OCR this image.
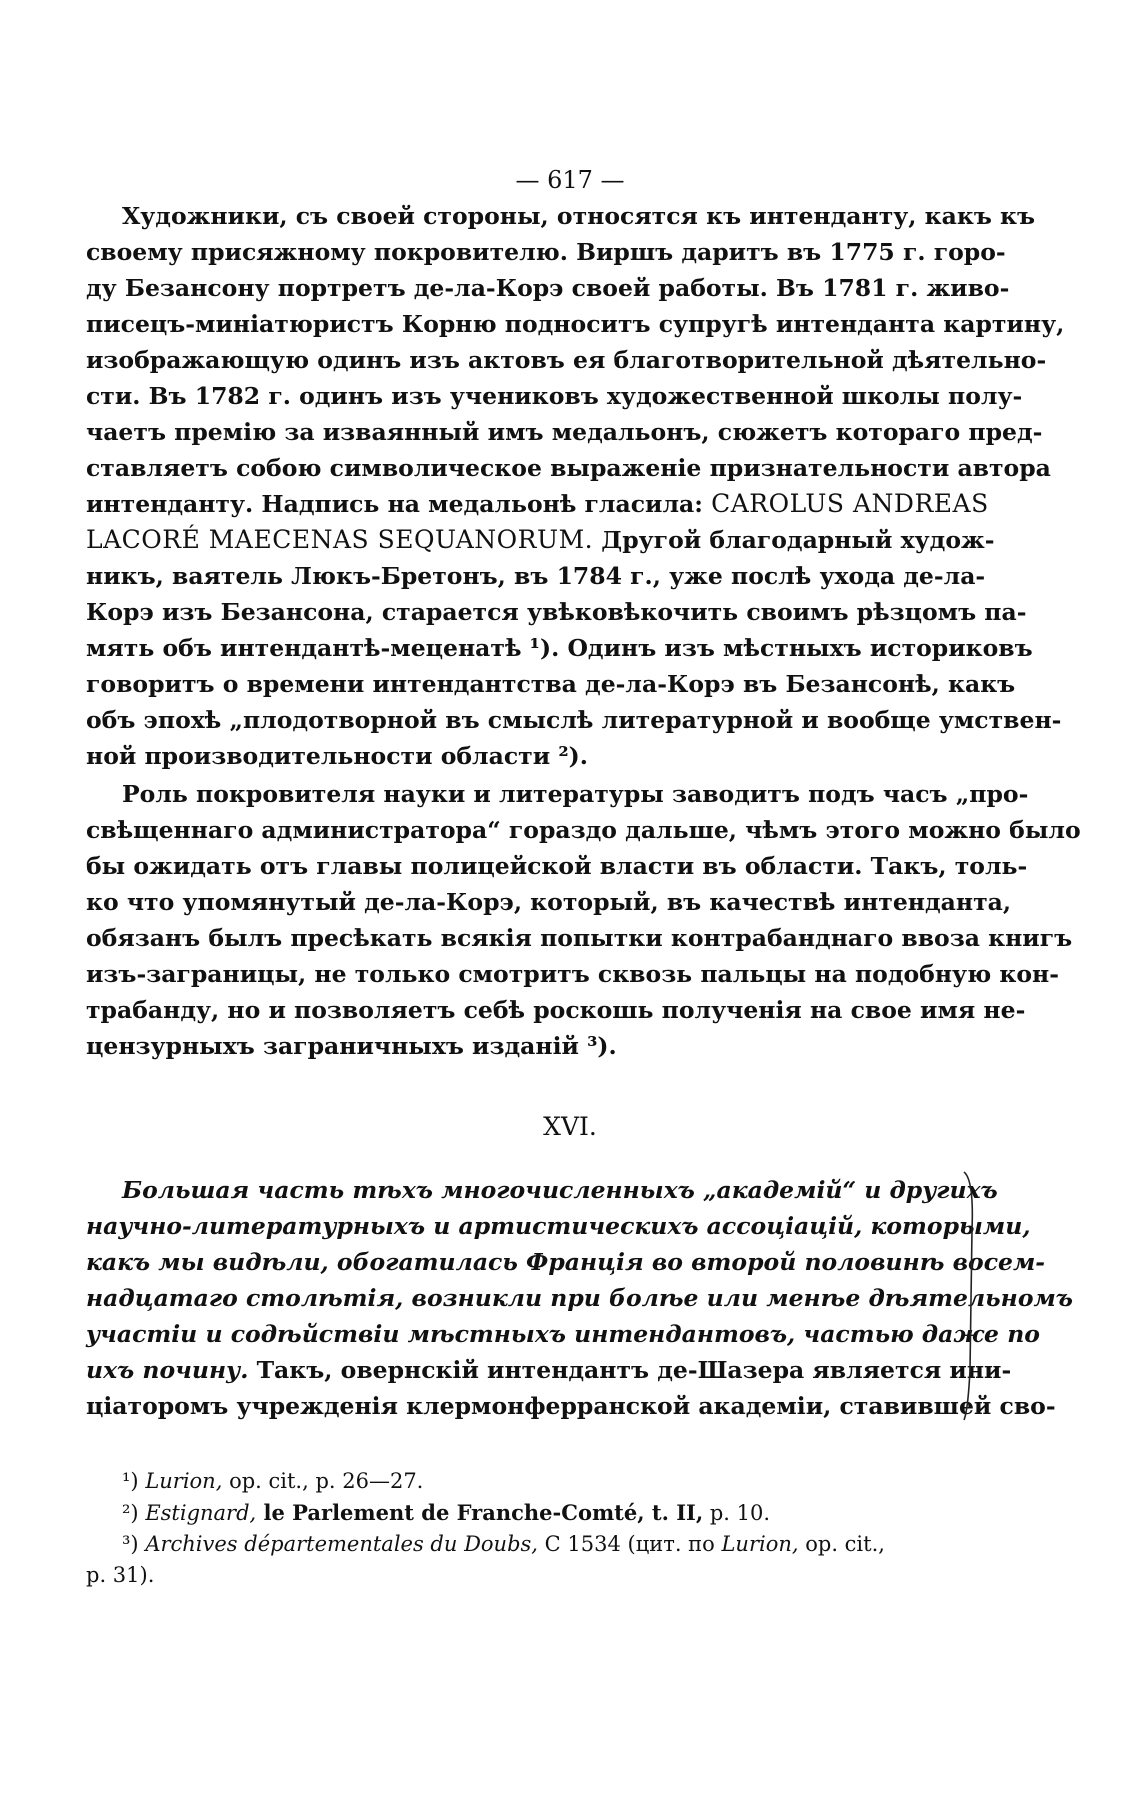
— 617 —
Художники, съ своей стороны, относятся къ интенданту, какъ къ
своему присяжному покровителю. Виршъ даритъ въ 1775 г. горо-
ду Безансону портретъ де-ла-Корэ своей работы. Въ 1781 г. живо-
писецъ-миніатюристъ Корню подноситъ супругѣ интенданта картину,
изображающую одинъ изъ актовъ ея благотворительной дѣятельно-
сти. Въ 1782 г. одинъ изъ учениковъ художественной школы полу-
чаетъ премію за изваянный имъ медальонъ, сюжетъ котораго пред-
ставляетъ собою символическое выраженіе признательности автора
интенданту. Надпись на медальонѣ гласила: CAROLUS ANDREAS
LACORÉ MAECENAS SEQUANORUM. Другой благодарный худож-
никъ, ваятель Люкъ-Бретонъ, въ 1784 г., уже послѣ ухода де-ла-
Корэ изъ Безансона, старается увѣковѣкочить своимъ рѣзцомъ па-
мять объ интендантѣ-меценатѣ ¹). Одинъ изъ мѣстныхъ историковъ
говоритъ о времени интендантства де-ла-Корэ въ Безансонѣ, какъ
объ эпохѣ „плодотворной въ смыслѣ литературной и вообще умствен-
ной производительности области ²).
Роль покровителя науки и литературы заводитъ подъ часъ „про-
свѣщеннаго администратора“ гораздо дальше, чѣмъ этого можно было
бы ожидать отъ главы полицейской власти въ области. Такъ, толь-
ко что упомянутый де-ла-Корэ, который, въ качествѣ интенданта,
обязанъ былъ пресѣкать всякія попытки контрабанднаго ввоза книгъ
изъ-заграницы, не только смотритъ сквозь пальцы на подобную кон-
трабанду, но и позволяетъ себѣ роскошь полученія на свое имя не-
цензурныхъ заграничныхъ изданій ³).
XVI.
Большая часть тѣхъ многочисленныхъ „академій“ и другихъ
научно-литературныхъ и артистическихъ ассоціацій, которыми,
какъ мы видѣли, обогатилась Франція во второй половинѣ восем-
надцатаго столѣтія, возникли при болѣе или менѣе дѣятельномъ
участіи и содѣйствіи мѣстныхъ интендантовъ, частью даже по
ихъ почину. Такъ, овернскій интендантъ де-Шазера является ини-
ціаторомъ учрежденія клермонферранской академіи, ставившей сво-
¹) Lurion, op. cit., p. 26—27.
²) Estignard, le Parlement de Franche-Comté, t. II, p. 10.
³) Archives départementales du Doubs, C 1534 (цит. по Lurion, op. cit.,
p. 31).
